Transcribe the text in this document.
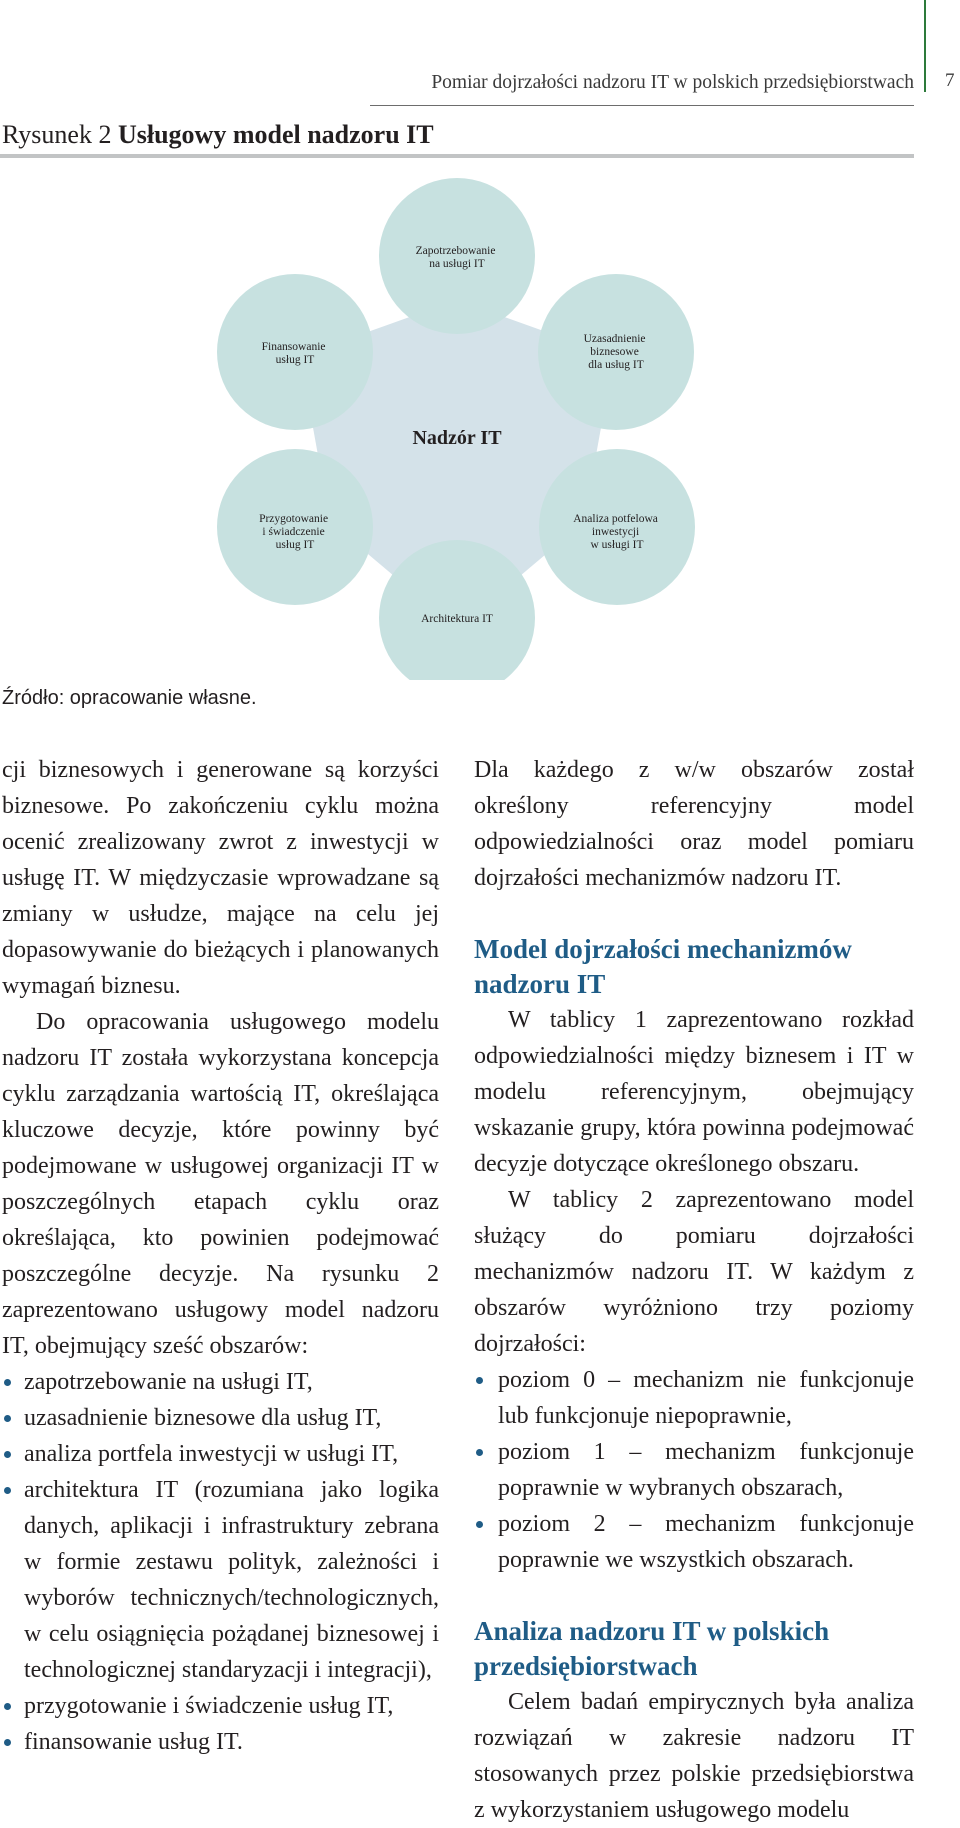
Pomiar dojrzałości nadzoru IT w polskich przedsiębiorstwach 7
Rysunek 2 Usługowy model nadzoru IT
Nadzór IT
Zapotrzebowanie na usługi IT
Uzasadnienie biznesowe dla usług IT
Analiza potfelowa inwestycji w usługi IT
Architektura IT
Przygotowanie i świadczenie usług IT
Finansowanie usług IT
Źródło: opracowanie własne.

cji biznesowych i generowane są korzyści biznesowe. Po zakończeniu cyklu można ocenić zrealizowany zwrot z inwestycji w usługę IT. W międzyczasie wprowadzane są zmiany w usłudze, mające na celu jej dopasowywanie do bieżących i planowanych wymagań biznesu.

Do opracowania usługowego modelu nadzoru IT została wykorzystana koncepcja cyklu zarządzania wartością IT, określająca kluczowe decyzje, które powinny być podejmowane w usługowej organizacji IT w poszczególnych etapach cyklu oraz określająca, kto powinien podejmować poszczególne decyzje. Na rysunku 2 zaprezentowano usługowy model nadzoru IT, obejmujący sześć obszarów:

zapotrzebowanie na usługi IT,
uzasadnienie biznesowe dla usług IT,
analiza portfela inwestycji w usługi IT,
architektura IT (rozumiana jako logika danych, aplikacji i infrastruktury zebrana w formie zestawu polityk, zależności i wyborów technicznych/technologicznych, w celu osiągnięcia pożądanej biznesowej i technologicznej standaryzacji i integracji),
przygotowanie i świadczenie usług IT,
finansowanie usług IT.

Dla każdego z w/w obszarów został określony referencyjny model odpowiedzialności oraz model pomiaru dojrzałości mechanizmów nadzoru IT.

Model dojrzałości mechanizmów nadzoru IT

W tablicy 1 zaprezentowano rozkład odpowiedzialności między biznesem i IT w modelu referencyjnym, obejmujący wskazanie grupy, która powinna podejmować decyzje dotyczące określonego obszaru.

W tablicy 2 zaprezentowano model służący do pomiaru dojrzałości mechanizmów nadzoru IT. W każdym z obszarów wyróżniono trzy poziomy dojrzałości:

poziom 0 – mechanizm nie funkcjonuje lub funkcjonuje niepoprawnie,
poziom 1 – mechanizm funkcjonuje poprawnie w wybranych obszarach,
poziom 2 – mechanizm funkcjonuje poprawnie we wszystkich obszarach.
Analiza nadzoru IT w polskich przedsiębiorstwach

Celem badań empirycznych była analiza rozwiązań w zakresie nadzoru IT stosowanych przez polskie przedsiębiorstwa z wykorzystaniem usługowego modelu
